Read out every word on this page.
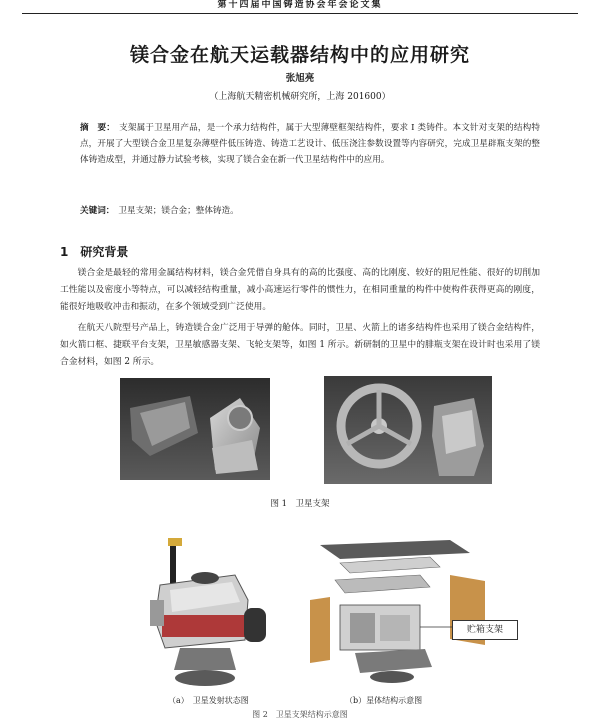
第十四届中国铸造协会年会论文集
镁合金在航天运载器结构中的应用研究
张旭亮
（上海航天精密机械研究所，上海 201600）
摘　要： 支架属于卫星用产品，是一个承力结构件，属于大型薄壁框架结构件，要求 I 类铸件。本文针对支架的结构特点，开展了大型镁合金卫星复杂薄壁件低压铸造、铸造工艺设计、低压浇注参数设置等内容研究，完成卫星辟瓶支架的整体铸造成型，并通过静力试验考核，实现了镁合金在新一代卫星结构件中的应用。
关键词： 卫星支架；镁合金；整体铸造。
1 研究背景
镁合金是最轻的常用金属结构材料，镁合金凭借自身具有的高的比强度、高的比刚度、较好的阻尼性能、很好的切削加工性能以及密度小等特点，可以减轻结构重量，减小高速运行零件的惯性力，在相同重量的构件中使构件获得更高的刚度，能很好地吸收冲击和振动，在多个领域受到广泛使用。
在航天八院型号产品上，铸造镁合金广泛用于导弹的舱体。同时，卫星、火箭上的诸多结构件也采用了镁合金结构件，如火箭口框、捷联平台支架，卫星敏感器支架、飞轮支架等，如图 1 所示。新研制的卫星中的腓瓶支架在设计时也采用了镁合金材料，如图 2 所示。
图 1　卫星支架
贮箱支架
（a）　卫星发射状态图	（b）星体结构示意图
图 2　卫星支架结构示意图
